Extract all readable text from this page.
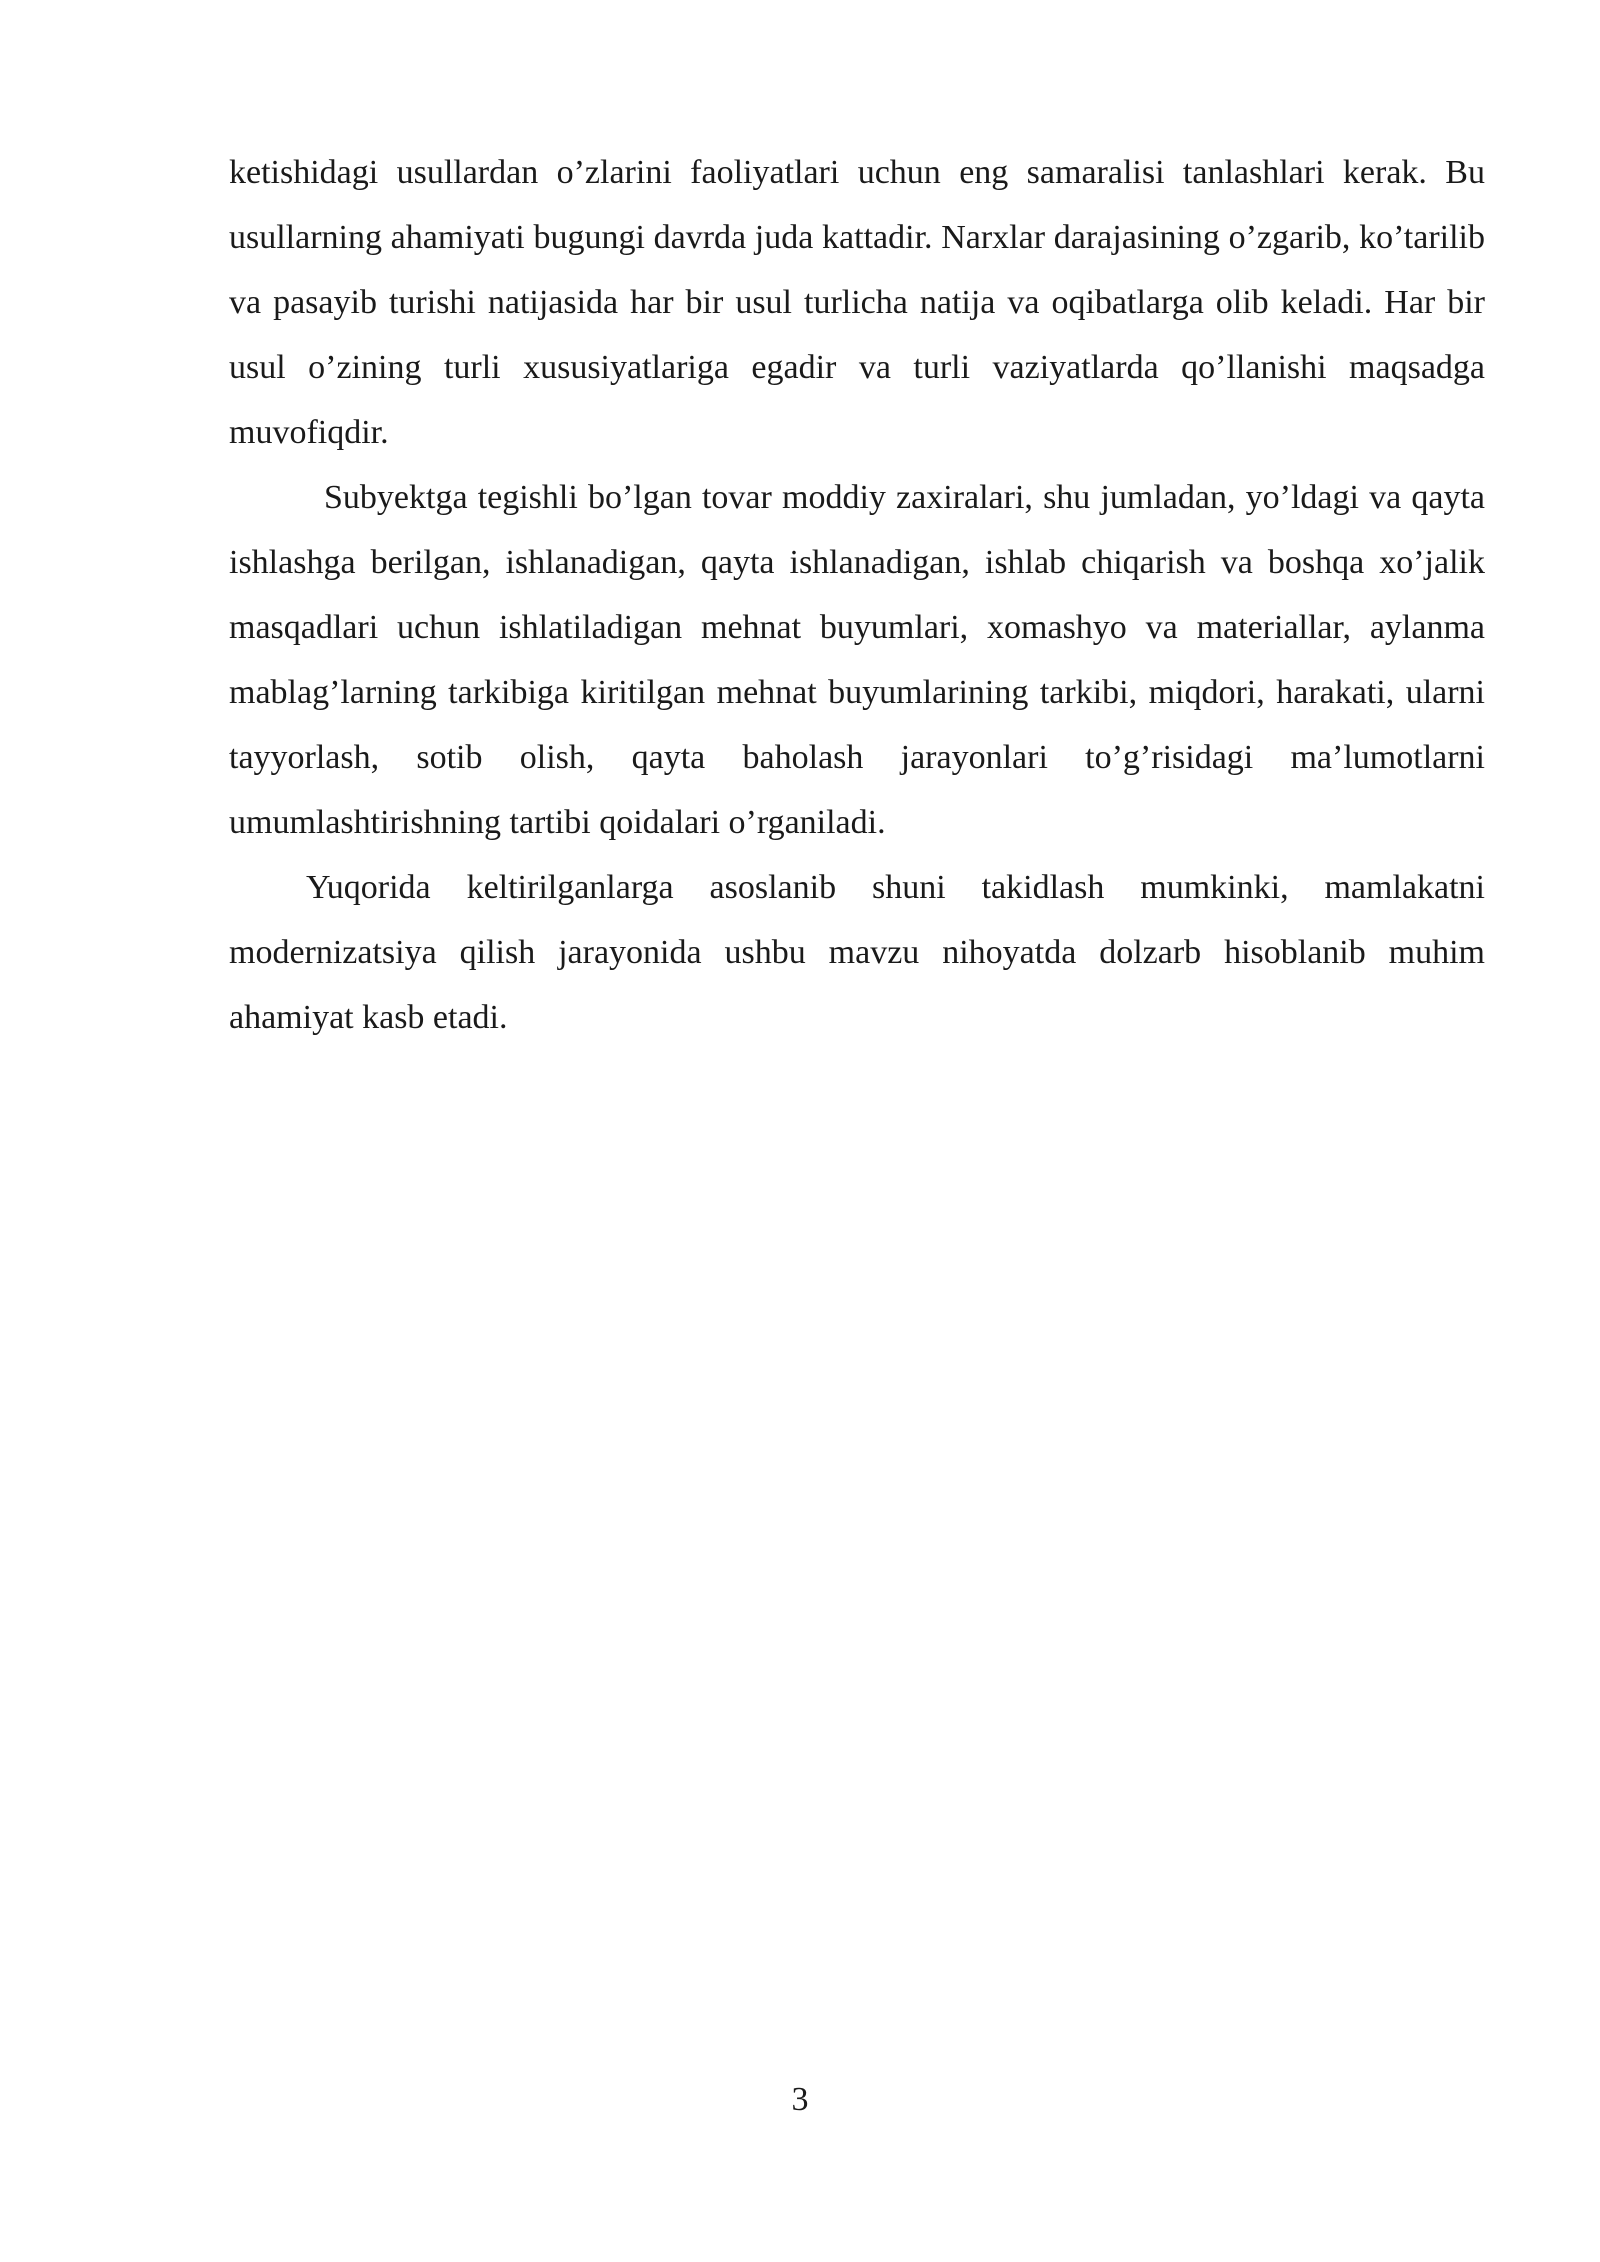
ketishidagi usullardan o’zlarini faoliyatlari uchun eng samaralisi tanlashlari kerak. Bu usullarning ahamiyati bugungi davrda juda kattadir. Narxlar darajasining o’zgarib, ko’tarilib va pasayib turishi natijasida har bir usul turlicha natija va oqibatlarga olib keladi. Har bir usul o’zining turli xususiyatlariga egadir va turli vaziyatlarda qo’llanishi maqsadga muvofiqdir.

Subyektga tegishli bo’lgan tovar moddiy zaxiralari, shu jumladan, yo’ldagi va qayta ishlashga berilgan, ishlanadigan, qayta ishlanadigan, ishlab chiqarish va boshqa xo’jalik masqadlari uchun ishlatiladigan mehnat buyumlari, xomashyo va materiallar, aylanma mablag’larning tarkibiga kiritilgan mehnat buyumlarining tarkibi, miqdori, harakati, ularni tayyorlash, sotib olish, qayta baholash jarayonlari to’g’risidagi ma’lumotlarni umumlashtirishning tartibi qoidalari o’rganiladi.

Yuqorida keltirilganlarga asoslanib shuni takidlash mumkinki, mamlakatni modernizatsiya qilish jarayonida ushbu mavzu nihoyatda dolzarb hisoblanib muhim ahamiyat kasb etadi.

3
